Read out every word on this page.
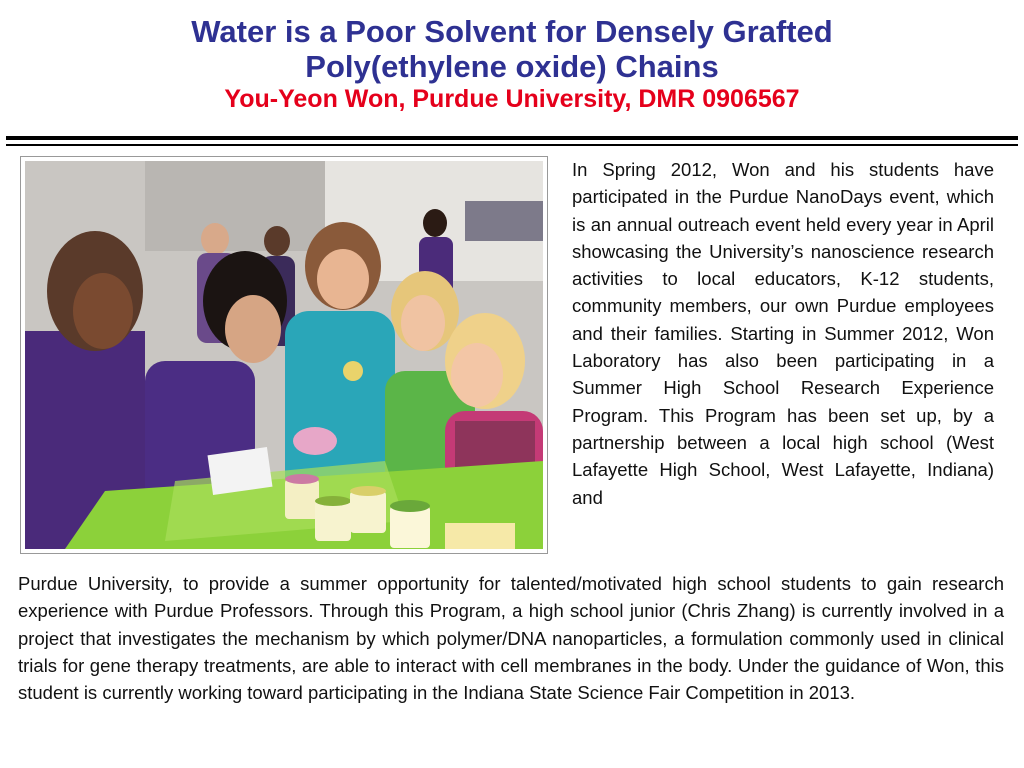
Water is a Poor Solvent for Densely Grafted

Poly(ethylene oxide) Chains

You-Yeon Won, Purdue University, DMR 0906567

In Spring 2012, Won and his students have participated in the Purdue NanoDays event, which is an annual outreach event held every year in April showcasing the University’s nanoscience research activities to local educators, K-12 students, community members, our own Purdue employees and their families. Starting in Summer 2012, Won Laboratory has also been participating in a Summer High School Research Experience Program. This Program has been set up, by a partnership between a local high school (West Lafayette High School, West Lafayette, Indiana) and

Purdue University, to provide a summer opportunity for talented/motivated high school students to gain research experience with Purdue Professors. Through this Program, a high school junior (Chris Zhang) is currently involved in a project that investigates the mechanism by which polymer/DNA nanoparticles, a formulation commonly used in clinical trials for gene therapy treatments, are able to interact with cell membranes in the body. Under the guidance of Won, this student is currently working toward participating in the Indiana State Science Fair Competition in 2013.
